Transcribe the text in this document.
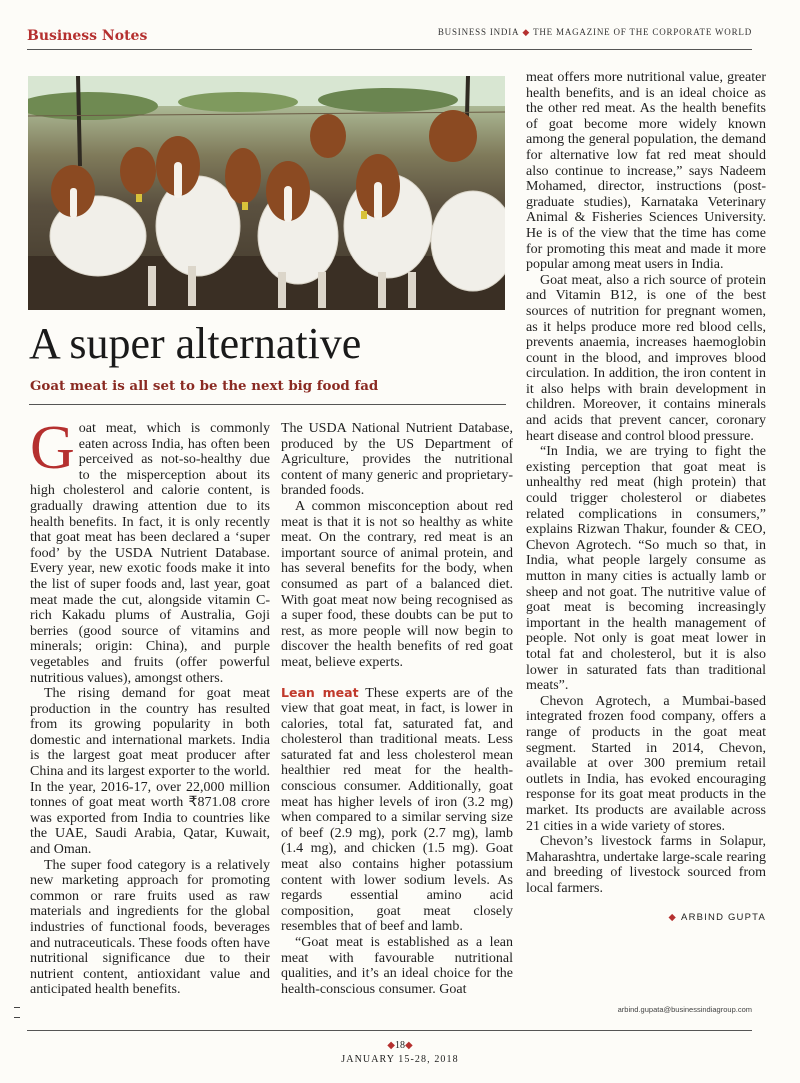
Business Notes	BUSINESS INDIA ◆ THE MAGAZINE OF THE CORPORATE WORLD
A super alternative

Goat meat is all set to be the next big food fad

Goat meat, which is commonly eaten across India, has often been perceived as not-so-healthy due to the misperception about its high cholesterol and calorie content, is gradually drawing attention due to its health benefits. In fact, it is only recently that goat meat has been declared a ‘super food’ by the USDA Nutrient Database. Every year, new exotic foods make it into the list of super foods and, last year, goat meat made the cut, alongside vitamin C-rich Kakadu plums of Australia, Goji berries (good source of vitamins and minerals; origin: China), and purple vegetables and fruits (offer powerful nutritious values), amongst others.

The rising demand for goat meat production in the country has resulted from its growing popularity in both domestic and international markets. India is the largest goat meat producer after China and its largest exporter to the world. In the year, 2016-17, over 22,000 million tonnes of goat meat worth ₹871.08 crore was exported from India to countries like the UAE, Saudi Arabia, Qatar, Kuwait, and Oman.

The super food category is a relatively new marketing approach for promoting common or rare fruits used as raw materials and ingredients for the global industries of functional foods, beverages and nutraceuticals. These foods often have nutritional significance due to their nutrient content, antioxidant value and anticipated health benefits.

The USDA National Nutrient Database, produced by the US Department of Agriculture, provides the nutritional content of many generic and proprietary-branded foods.

A common misconception about red meat is that it is not so healthy as white meat. On the contrary, red meat is an important source of animal protein, and has several benefits for the body, when consumed as part of a balanced diet. With goat meat now being recognised as a super food, these doubts can be put to rest, as more people will now begin to discover the health benefits of red goat meat, believe experts.

Lean meat These experts are of the view that goat meat, in fact, is lower in calories, total fat, saturated fat, and cholesterol than traditional meats. Less saturated fat and less cholesterol mean healthier red meat for the health-conscious consumer. Additionally, goat meat has higher levels of iron (3.2 mg) when compared to a similar serving size of beef (2.9 mg), pork (2.7 mg), lamb (1.4 mg), and chicken (1.5 mg). Goat meat also contains higher potassium content with lower sodium levels. As regards essential amino acid composition, goat meat closely resembles that of beef and lamb.

“Goat meat is established as a lean meat with favourable nutritional qualities, and it’s an ideal choice for the health-conscious consumer. Goat

meat offers more nutritional value, greater health benefits, and is an ideal choice as the other red meat. As the health benefits of goat become more widely known among the general population, the demand for alternative low fat red meat should also continue to increase,” says Nadeem Mohamed, director, instructions (post-graduate studies), Karnataka Veterinary Animal & Fisheries Sciences University. He is of the view that the time has come for promoting this meat and made it more popular among meat users in India.

Goat meat, also a rich source of protein and Vitamin B12, is one of the best sources of nutrition for pregnant women, as it helps produce more red blood cells, prevents anaemia, increases haemoglobin count in the blood, and improves blood circulation. In addition, the iron content in it also helps with brain development in children. Moreover, it contains minerals and acids that prevent cancer, coronary heart disease and control blood pressure.

“In India, we are trying to fight the existing perception that goat meat is unhealthy red meat (high protein) that could trigger cholesterol or diabetes related complications in consumers,” explains Rizwan Thakur, founder & CEO, Chevon Agrotech. “So much so that, in India, what people largely consume as mutton in many cities is actually lamb or sheep and not goat. The nutritive value of goat meat is becoming increasingly important in the health management of people. Not only is goat meat lower in total fat and cholesterol, but it is also lower in saturated fats than traditional meats”.

Chevon Agrotech, a Mumbai-based integrated frozen food company, offers a range of products in the goat meat segment. Started in 2014, Chevon, available at over 300 premium retail outlets in India, has evoked encouraging response for its goat meat products in the market. Its products are available across 21 cities in a wide variety of stores.

Chevon’s livestock farms in Solapur, Maharashtra, undertake large-scale rearing and breeding of livestock sourced from local farmers.

◆ ARBIND GUPTA
arbind.gupata@businessindiagroup.com
◆18◆
JANUARY 15-28, 2018
